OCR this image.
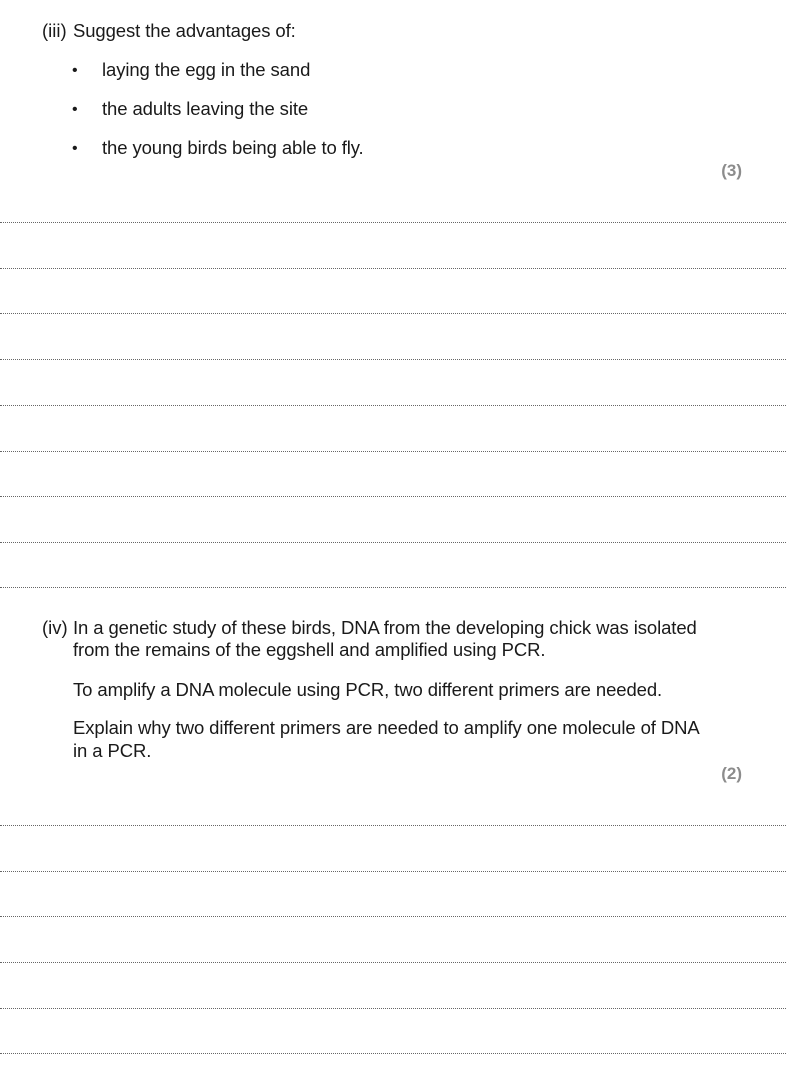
(iii) Suggest the advantages of:
• laying the egg in the sand
• the adults leaving the site
• the young birds being able to fly.
(3)
(iv) In a genetic study of these birds, DNA from the developing chick was isolated
from the remains of the eggshell and amplified using PCR.
To amplify a DNA molecule using PCR, two different primers are needed.
Explain why two different primers are needed to amplify one molecule of DNA
in a PCR.
(2)
